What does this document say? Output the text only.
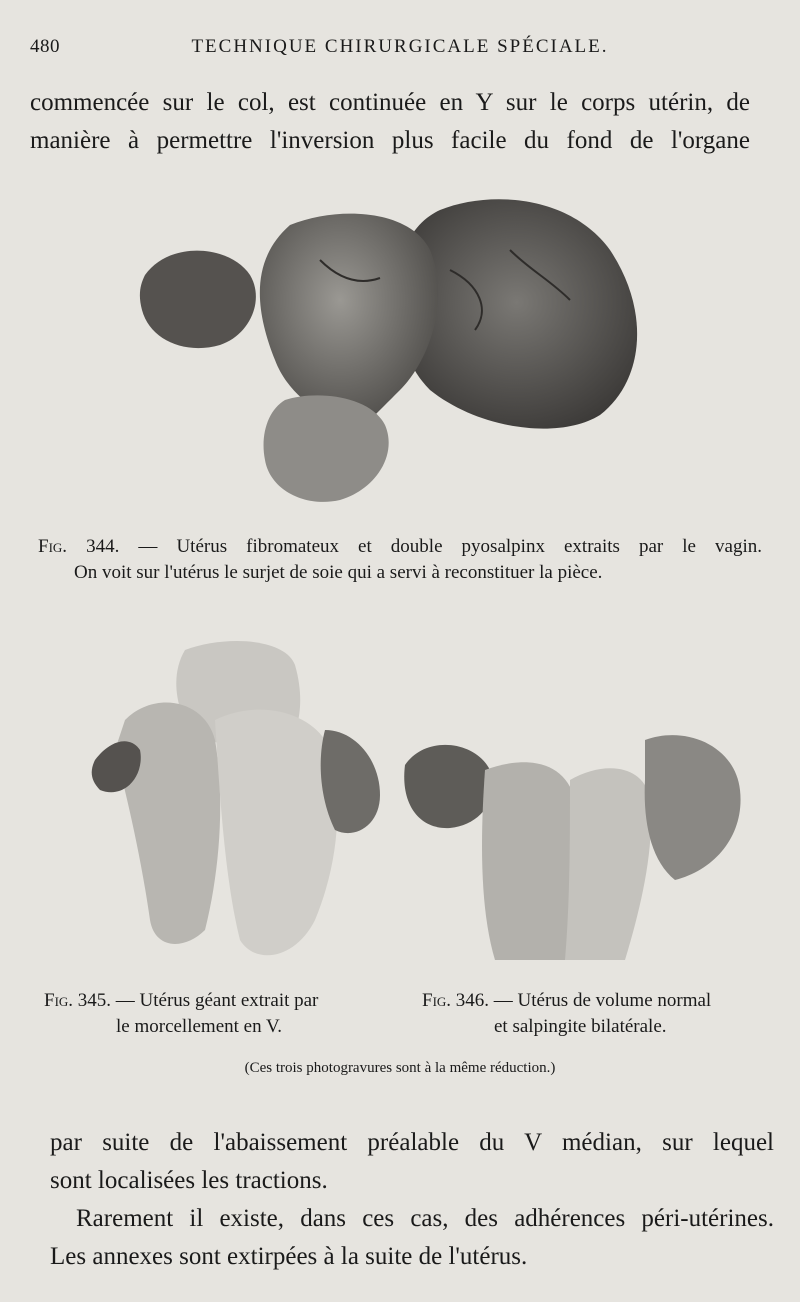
480	TECHNIQUE CHIRURGICALE SPÉCIALE.
commencée sur le col, est continuée en Y sur le corps utérin, de
manière à permettre l'inversion plus facile du fond de l'organe
Fig. 344. — Utérus fibromateux et double pyosalpinx extraits par le vagin.
On voit sur l'utérus le surjet de soie qui a servi à reconstituer la pièce.
Fig. 345. — Utérus géant extrait par
le morcellement en V.
Fig. 346. — Utérus de volume normal
et salpingite bilatérale.
(Ces trois photogravures sont à la même réduction.)
par suite de l'abaissement préalable du V médian, sur lequel
sont localisées les tractions.
Rarement il existe, dans ces cas, des adhérences péri-utérines.
Les annexes sont extirpées à la suite de l'utérus.
